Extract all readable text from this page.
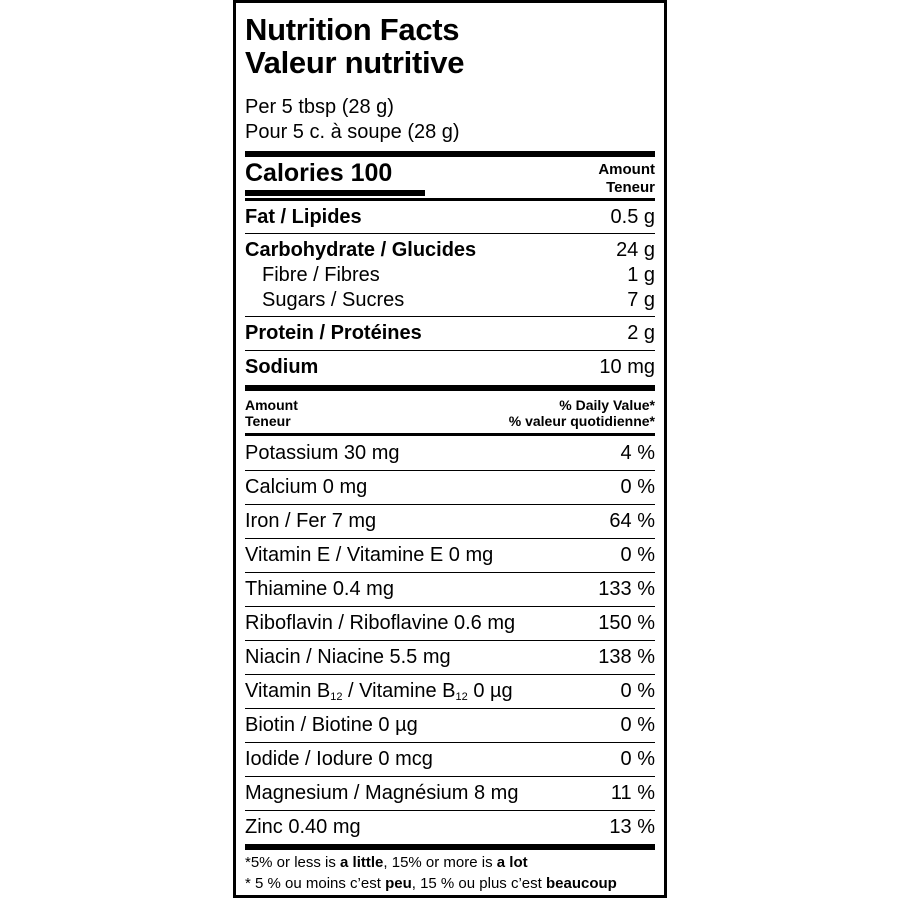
Nutrition Facts
Valeur nutritive
Per 5 tbsp (28 g)
Pour 5 c. à soupe (28 g)
Calories 100	Amount
Teneur
Fat / Lipides	0.5 g
Carbohydrate / Glucides	24 g
Fibre / Fibres	1 g
Sugars / Sucres	7 g
Protein / Protéines	2 g
Sodium	10 mg
Amount
Teneur
% Daily Value*
% valeur quotidienne*
Potassium 30 mg	4 %
Calcium 0 mg	0 %
Iron / Fer 7 mg	64 %
Vitamin E / Vitamine E 0 mg	0 %
Thiamine 0.4 mg	133 %
Riboflavin / Riboflavine 0.6 mg	150 %
Niacin / Niacine 5.5 mg	138 %
Vitamin $B_{12}$ / Vitamine $B_{12}$ 0 µg	0 %
Biotin / Biotine 0 µg	0 %
Iodide / Iodure 0 mcg	0 %
Magnesium / Magnésium 8 mg	11 %
Zinc 0.40 mg	13 %
*5% or less is a little, 15% or more is a lot
* 5 % ou moins c’est peu, 15 % ou plus c’est beaucoup
